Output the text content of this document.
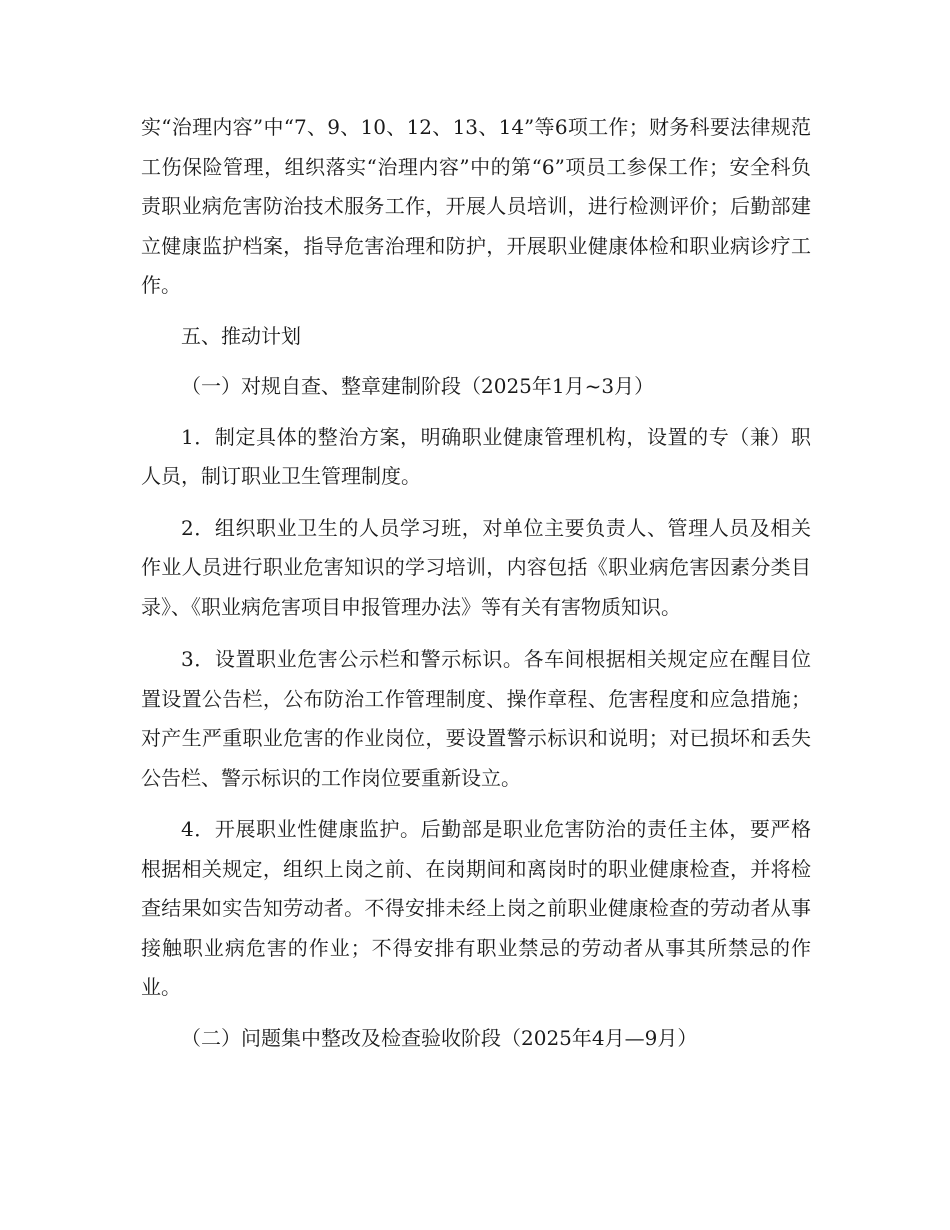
实“治理内容”中“7、9、10、12、13、14”等6项工作；财务科要法律规范工伤保险管理，组织落实“治理内容”中的第“6”项员工参保工作；安全科负责职业病危害防治技术服务工作，开展人员培训，进行检测评价；后勤部建立健康监护档案，指导危害治理和防护，开展职业健康体检和职业病诊疗工作。

五、推动计划

（一）对规自查、整章建制阶段（2025年1月~3月）

1．制定具体的整治方案，明确职业健康管理机构，设置的专（兼）职人员，制订职业卫生管理制度。

2．组织职业卫生的人员学习班，对单位主要负责人、管理人员及相关作业人员进行职业危害知识的学习培训，内容包括《职业病危害因素分类目录》、《职业病危害项目申报管理办法》等有关有害物质知识。

3．设置职业危害公示栏和警示标识。各车间根据相关规定应在醒目位置设置公告栏，公布防治工作管理制度、操作章程、危害程度和应急措施；对产生严重职业危害的作业岗位，要设置警示标识和说明；对已损坏和丢失公告栏、警示标识的工作岗位要重新设立。

4．开展职业性健康监护。后勤部是职业危害防治的责任主体，要严格根据相关规定，组织上岗之前、在岗期间和离岗时的职业健康检查，并将检查结果如实告知劳动者。不得安排未经上岗之前职业健康检查的劳动者从事接触职业病危害的作业；不得安排有职业禁忌的劳动者从事其所禁忌的作业。

（二）问题集中整改及检查验收阶段（2025年4月—9月）
